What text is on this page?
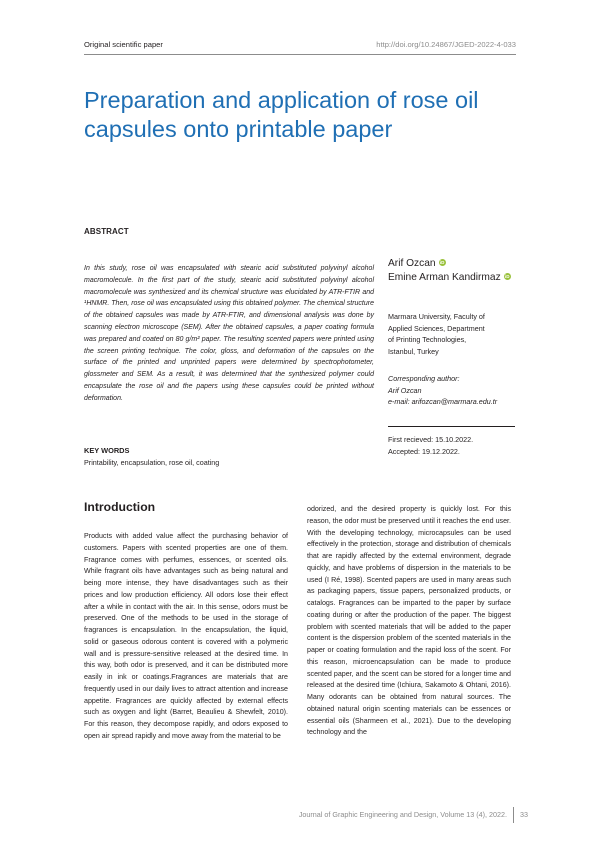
Original scientific paper	http://doi.org/10.24867/JGED-2022-4-033
Preparation and application of rose oil capsules onto printable paper
ABSTRACT
In this study, rose oil was encapsulated with stearic acid substituted polyvinyl alcohol macromolecule. In the first part of the study, stearic acid substituted polyvinyl alcohol macromolecule was synthesized and its chemical structure was elucidated by ATR-FTIR and ¹HNMR. Then, rose oil was encapsulated using this obtained polymer. The chemical structure of the obtained capsules was made by ATR-FTIR, and dimensional analysis was done by scanning electron microscope (SEM). After the obtained capsules, a paper coating formula was prepared and coated on 80 g/m² paper. The resulting scented papers were printed using the screen printing technique. The color, gloss, and deformation of the capsules on the surface of the printed and unprinted papers were determined by spectrophotometer, glossmeter and SEM. As a result, it was determined that the synthesized polymer could encapsulate the rose oil and the papers using these capsules could be printed without deformation.
KEY WORDS
Printability, encapsulation, rose oil, coating
Arif Ozcan iD
Emine Arman Kandirmaz iD
Marmara University, Faculty of
Applied Sciences, Department
of Printing Technologies,
Istanbul, Turkey
Corresponding author:
Arif Ozcan
e-mail: arifozcan@marmara.edu.tr
First recieved: 15.10.2022.
Accepted: 19.12.2022.
Introduction

Products with added value affect the purchasing behavior of customers. Papers with scented properties are one of them. Fragrance comes with perfumes, essences, or scented oils. While fragrant oils have advantages such as being natural and being more intense, they have disadvantages such as their prices and low production efficiency. All odors lose their effect after a while in contact with the air. In this sense, odors must be preserved. One of the methods to be used in the storage of fragrances is encapsulation. In the encapsulation, the liquid, solid or gaseous odorous content is covered with a polymeric wall and is pressure-sensitive released at the desired time. In this way, both odor is preserved, and it can be distributed more easily in ink or coatings.Fragrances are materials that are frequently used in our daily lives to attract attention and increase appetite. Fragrances are quickly affected by external effects such as oxygen and light (Barret, Beaulieu & Shewfelt, 2010). For this reason, they decompose rapidly, and odors exposed to open air spread rapidly and move away from the material to be

odorized, and the desired property is quickly lost. For this reason, the odor must be preserved until it reaches the end user. With the developing technology, microcapsules can be used effectively in the protection, storage and distribution of chemicals that are rapidly affected by the external environment, degrade quickly, and have problems of dispersion in the materials to be used (I Ré, 1998). Scented papers are used in many areas such as packaging papers, tissue papers, personalized products, or catalogs. Fragrances can be imparted to the paper by surface coating during or after the production of the paper. The biggest problem with scented materials that will be added to the paper content is the dispersion problem of the scented materials in the paper or coating formulation and the rapid loss of the scent. For this reason, microencapsulation can be made to produce scented paper, and the scent can be stored for a longer time and released at the desired time (Ichiura, Sakamoto & Ohtani, 2016). Many odorants can be obtained from natural sources. The obtained natural origin scenting materials can be essences or essential oils (Sharmeen et al., 2021). Due to the developing technology and the

Journal of Graphic Engineering and Design, Volume 13 (4), 2022. 33
